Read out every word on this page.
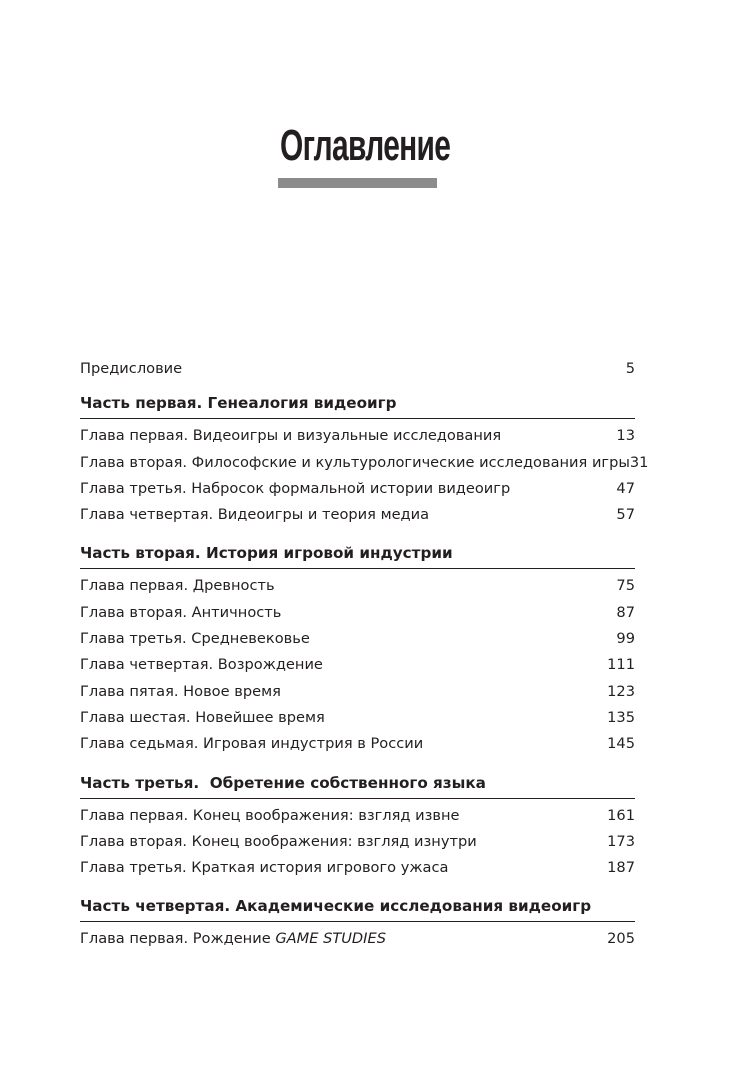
Оглавление
Предисловие	5
Часть первая. Генеалогия видеоигр
Глава первая. Видеоигры и визуальные исследования	13
Глава вторая. Философские и культурологические исследования игры 31
Глава третья. Набросок формальной истории видеоигр	47
Глава четвертая. Видеоигры и теория медиа	57
Часть вторая. История игровой индустрии
Глава первая. Древность	75
Глава вторая. Античность	87
Глава третья. Средневековье	99
Глава четвертая. Возрождение	111
Глава пятая. Новое время	123
Глава шестая. Новейшее время	135
Глава седьмая. Игровая индустрия в России	145
Часть третья.  Обретение собственного языка
Глава первая. Конец воображения: взгляд извне	161
Глава вторая. Конец воображения: взгляд изнутри	173
Глава третья. Краткая история игрового ужаса	187
Часть четвертая. Академические исследования видеоигр
Глава первая. Рождение GAME STUDIES	205
